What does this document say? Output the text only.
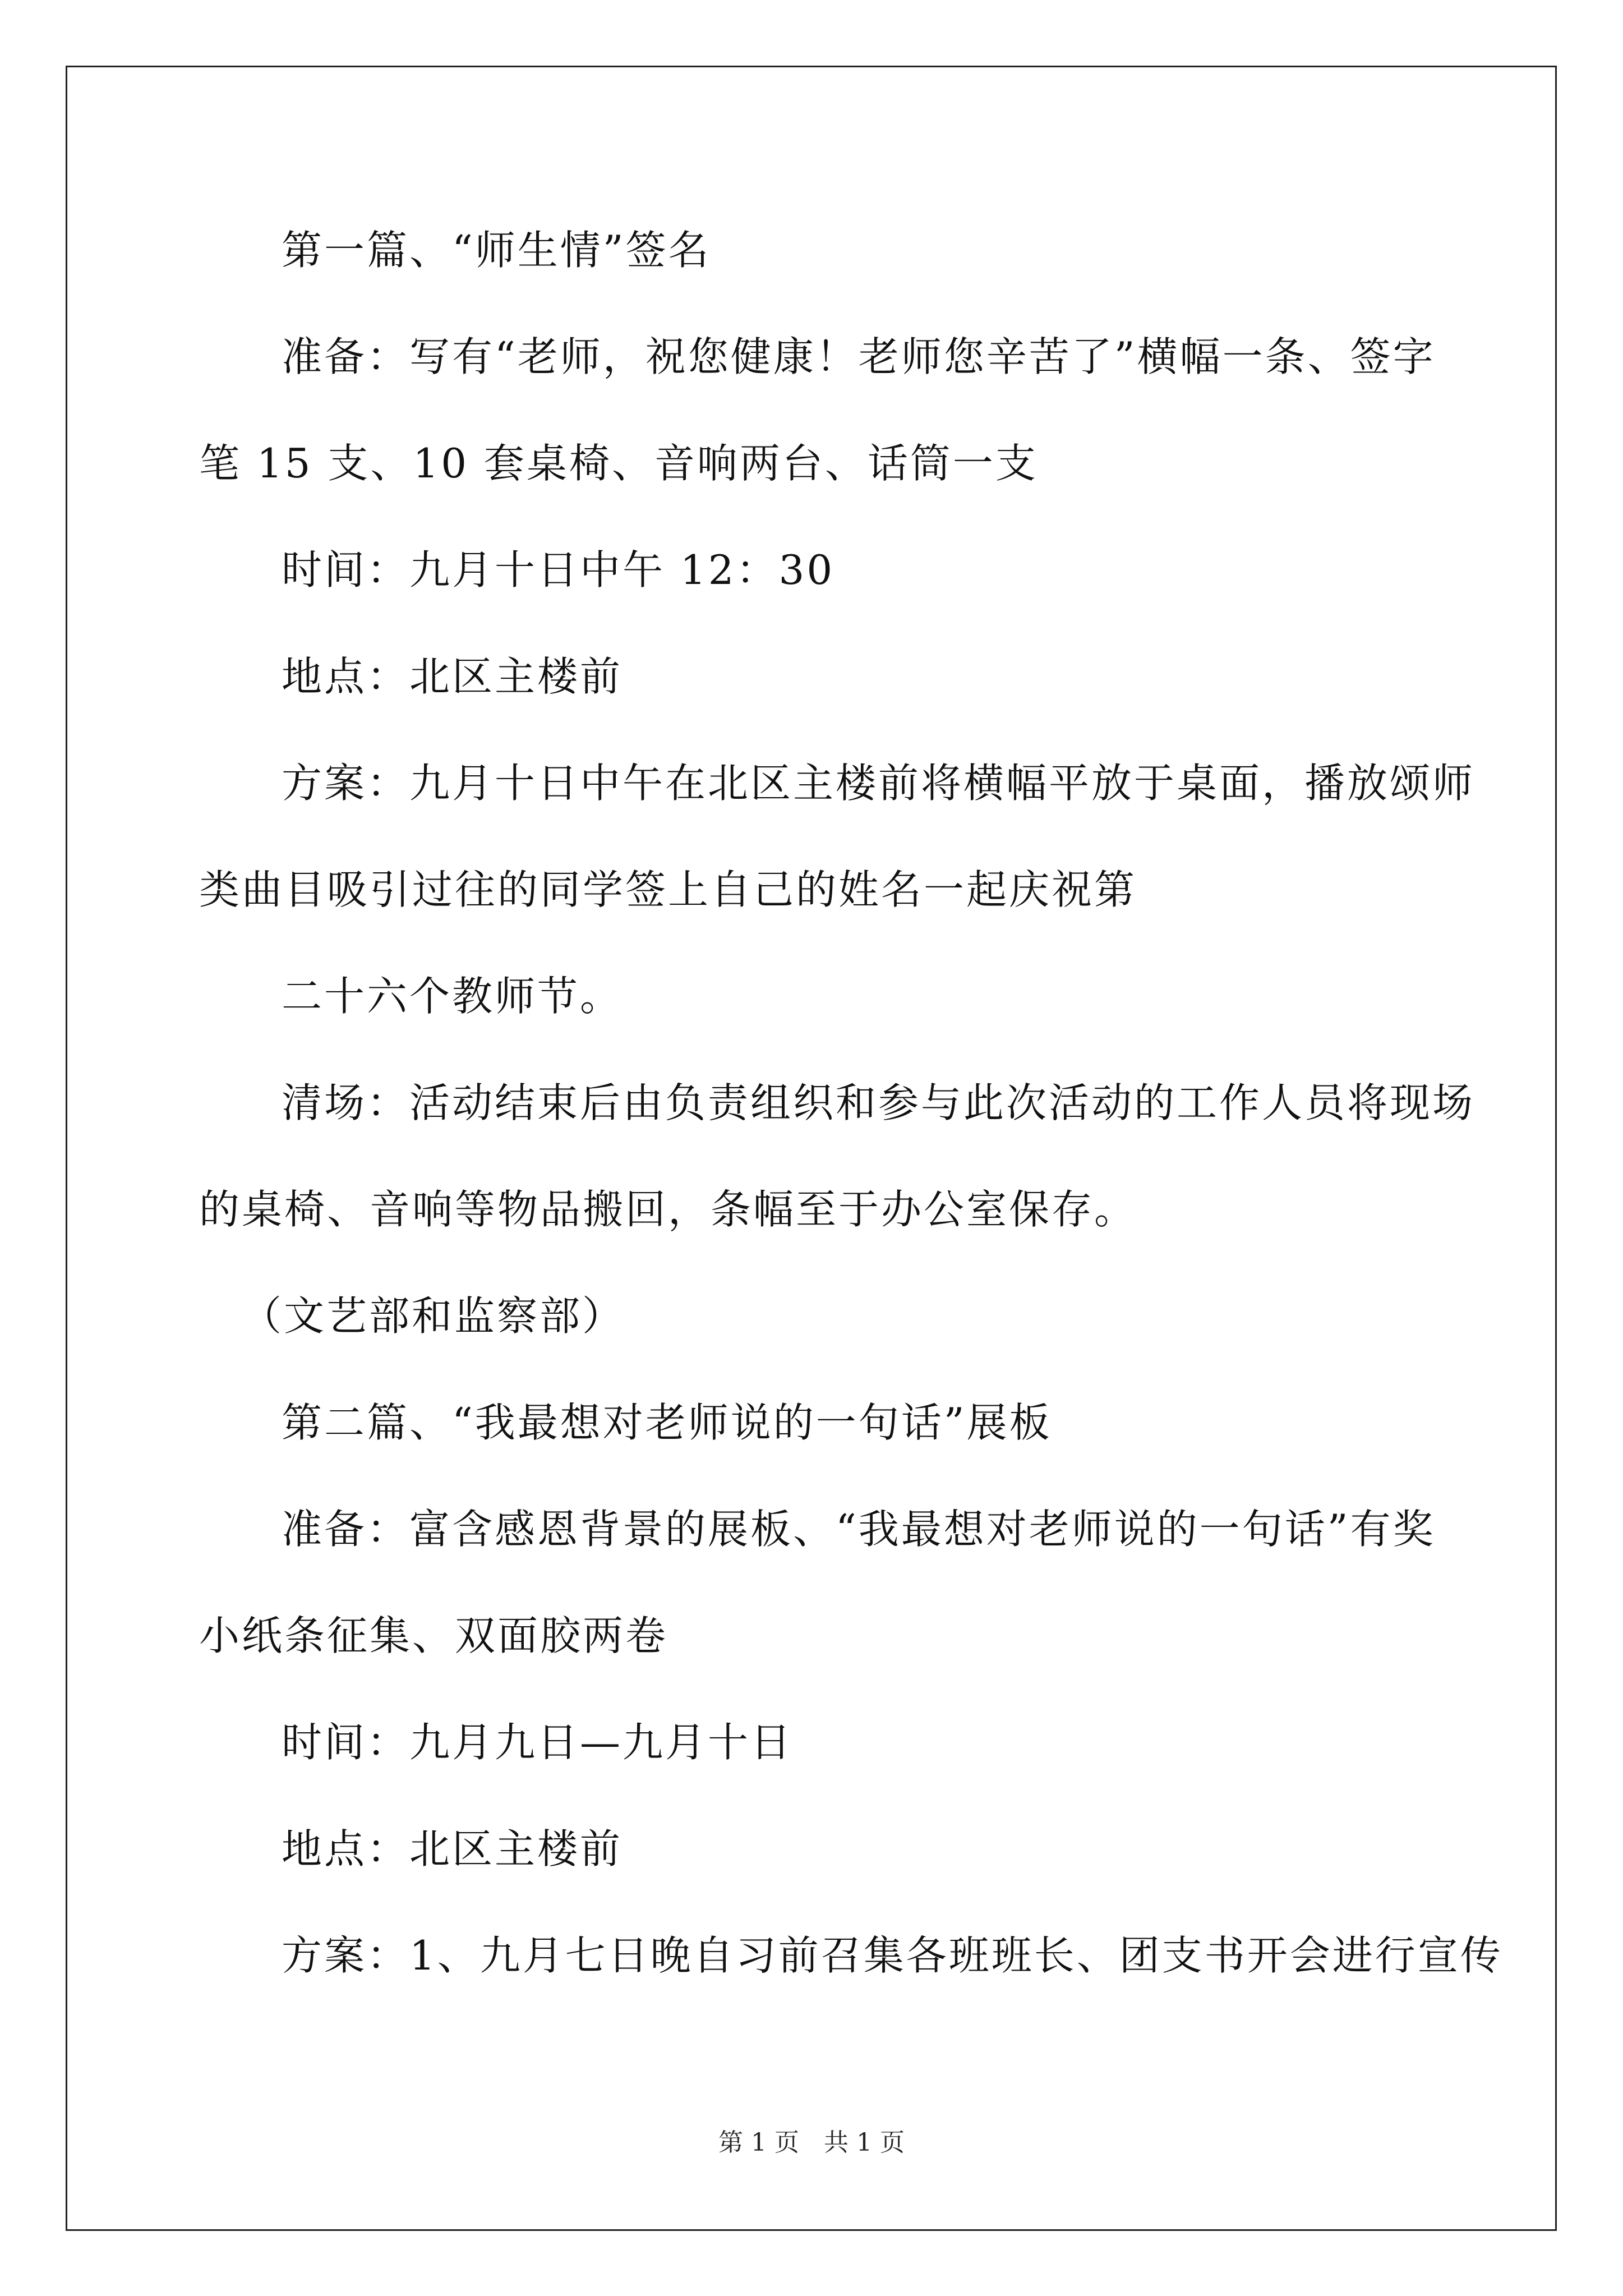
第一篇、“师生情”签名
准备：写有“老师，祝您健康！老师您辛苦了”横幅一条、签字
笔 15 支、10 套桌椅、音响两台、话筒一支
时间：九月十日中午 12：30
地点：北区主楼前
方案：九月十日中午在北区主楼前将横幅平放于桌面，播放颂师
类曲目吸引过往的同学签上自己的姓名一起庆祝第
二十六个教师节。
清场：活动结束后由负责组织和参与此次活动的工作人员将现场
的桌椅、音响等物品搬回，条幅至于办公室保存。
（文艺部和监察部）
第二篇、“我最想对老师说的一句话”展板
准备：富含感恩背景的展板、“我最想对老师说的一句话”有奖
小纸条征集、双面胶两卷
时间：九月九日—九月十日
地点：北区主楼前
方案：1、九月七日晚自习前召集各班班长、团支书开会进行宣传
第 1 页　共 1 页
